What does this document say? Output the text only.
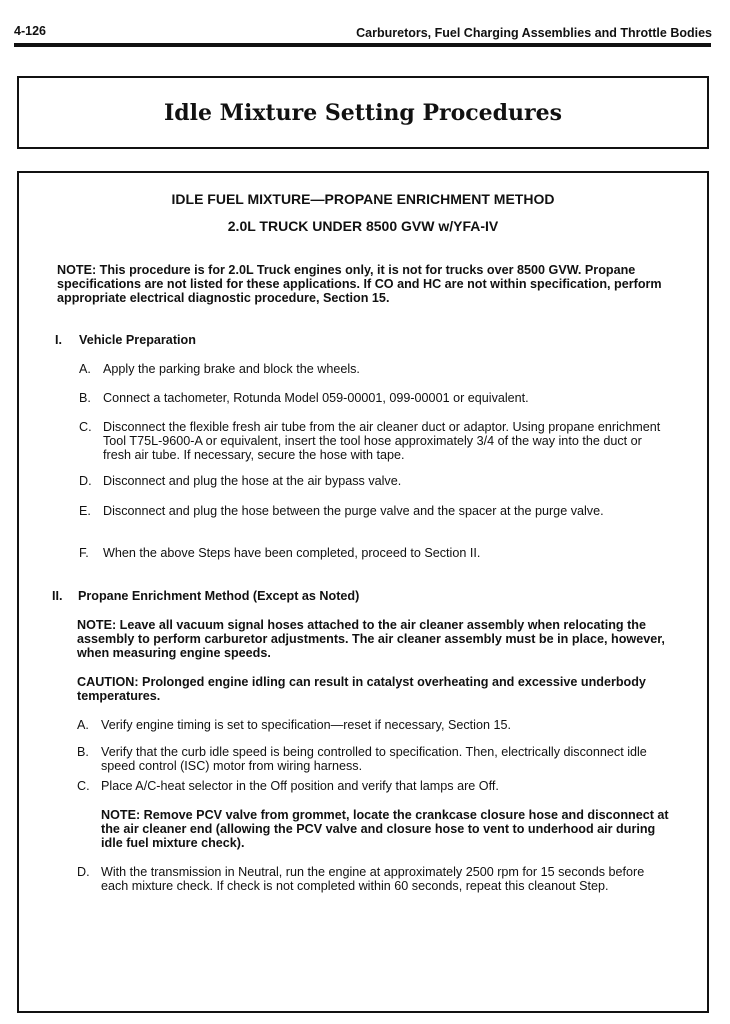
4-126	Carburetors, Fuel Charging Assemblies and Throttle Bodies
Idle Mixture Setting Procedures
IDLE FUEL MIXTURE—PROPANE ENRICHMENT METHOD
2.0L TRUCK UNDER 8500 GVW w/YFA-IV
NOTE: This procedure is for 2.0L Truck engines only, it is not for trucks over 8500 GVW. Propane specifications are not listed for these applications. If CO and HC are not within specification, perform appropriate electrical diagnostic procedure, Section 15.
I. Vehicle Preparation
A. Apply the parking brake and block the wheels.
B. Connect a tachometer, Rotunda Model 059-00001, 099-00001 or equivalent.
C. Disconnect the flexible fresh air tube from the air cleaner duct or adaptor. Using propane enrichment Tool T75L-9600-A or equivalent, insert the tool hose approximately 3/4 of the way into the duct or fresh air tube. If necessary, secure the hose with tape.
D. Disconnect and plug the hose at the air bypass valve.
E. Disconnect and plug the hose between the purge valve and the spacer at the purge valve.
F. When the above Steps have been completed, proceed to Section II.
II. Propane Enrichment Method (Except as Noted)
NOTE: Leave all vacuum signal hoses attached to the air cleaner assembly when relocating the assembly to perform carburetor adjustments. The air cleaner assembly must be in place, however, when measuring engine speeds.
CAUTION: Prolonged engine idling can result in catalyst overheating and excessive underbody temperatures.
A. Verify engine timing is set to specification—reset if necessary, Section 15.
B. Verify that the curb idle speed is being controlled to specification. Then, electrically disconnect idle speed control (ISC) motor from wiring harness.
C. Place A/C-heat selector in the Off position and verify that lamps are Off.
NOTE: Remove PCV valve from grommet, locate the crankcase closure hose and disconnect at the air cleaner end (allowing the PCV valve and closure hose to vent to underhood air during idle fuel mixture check).
D. With the transmission in Neutral, run the engine at approximately 2500 rpm for 15 seconds before each mixture check. If check is not completed within 60 seconds, repeat this cleanout Step.
